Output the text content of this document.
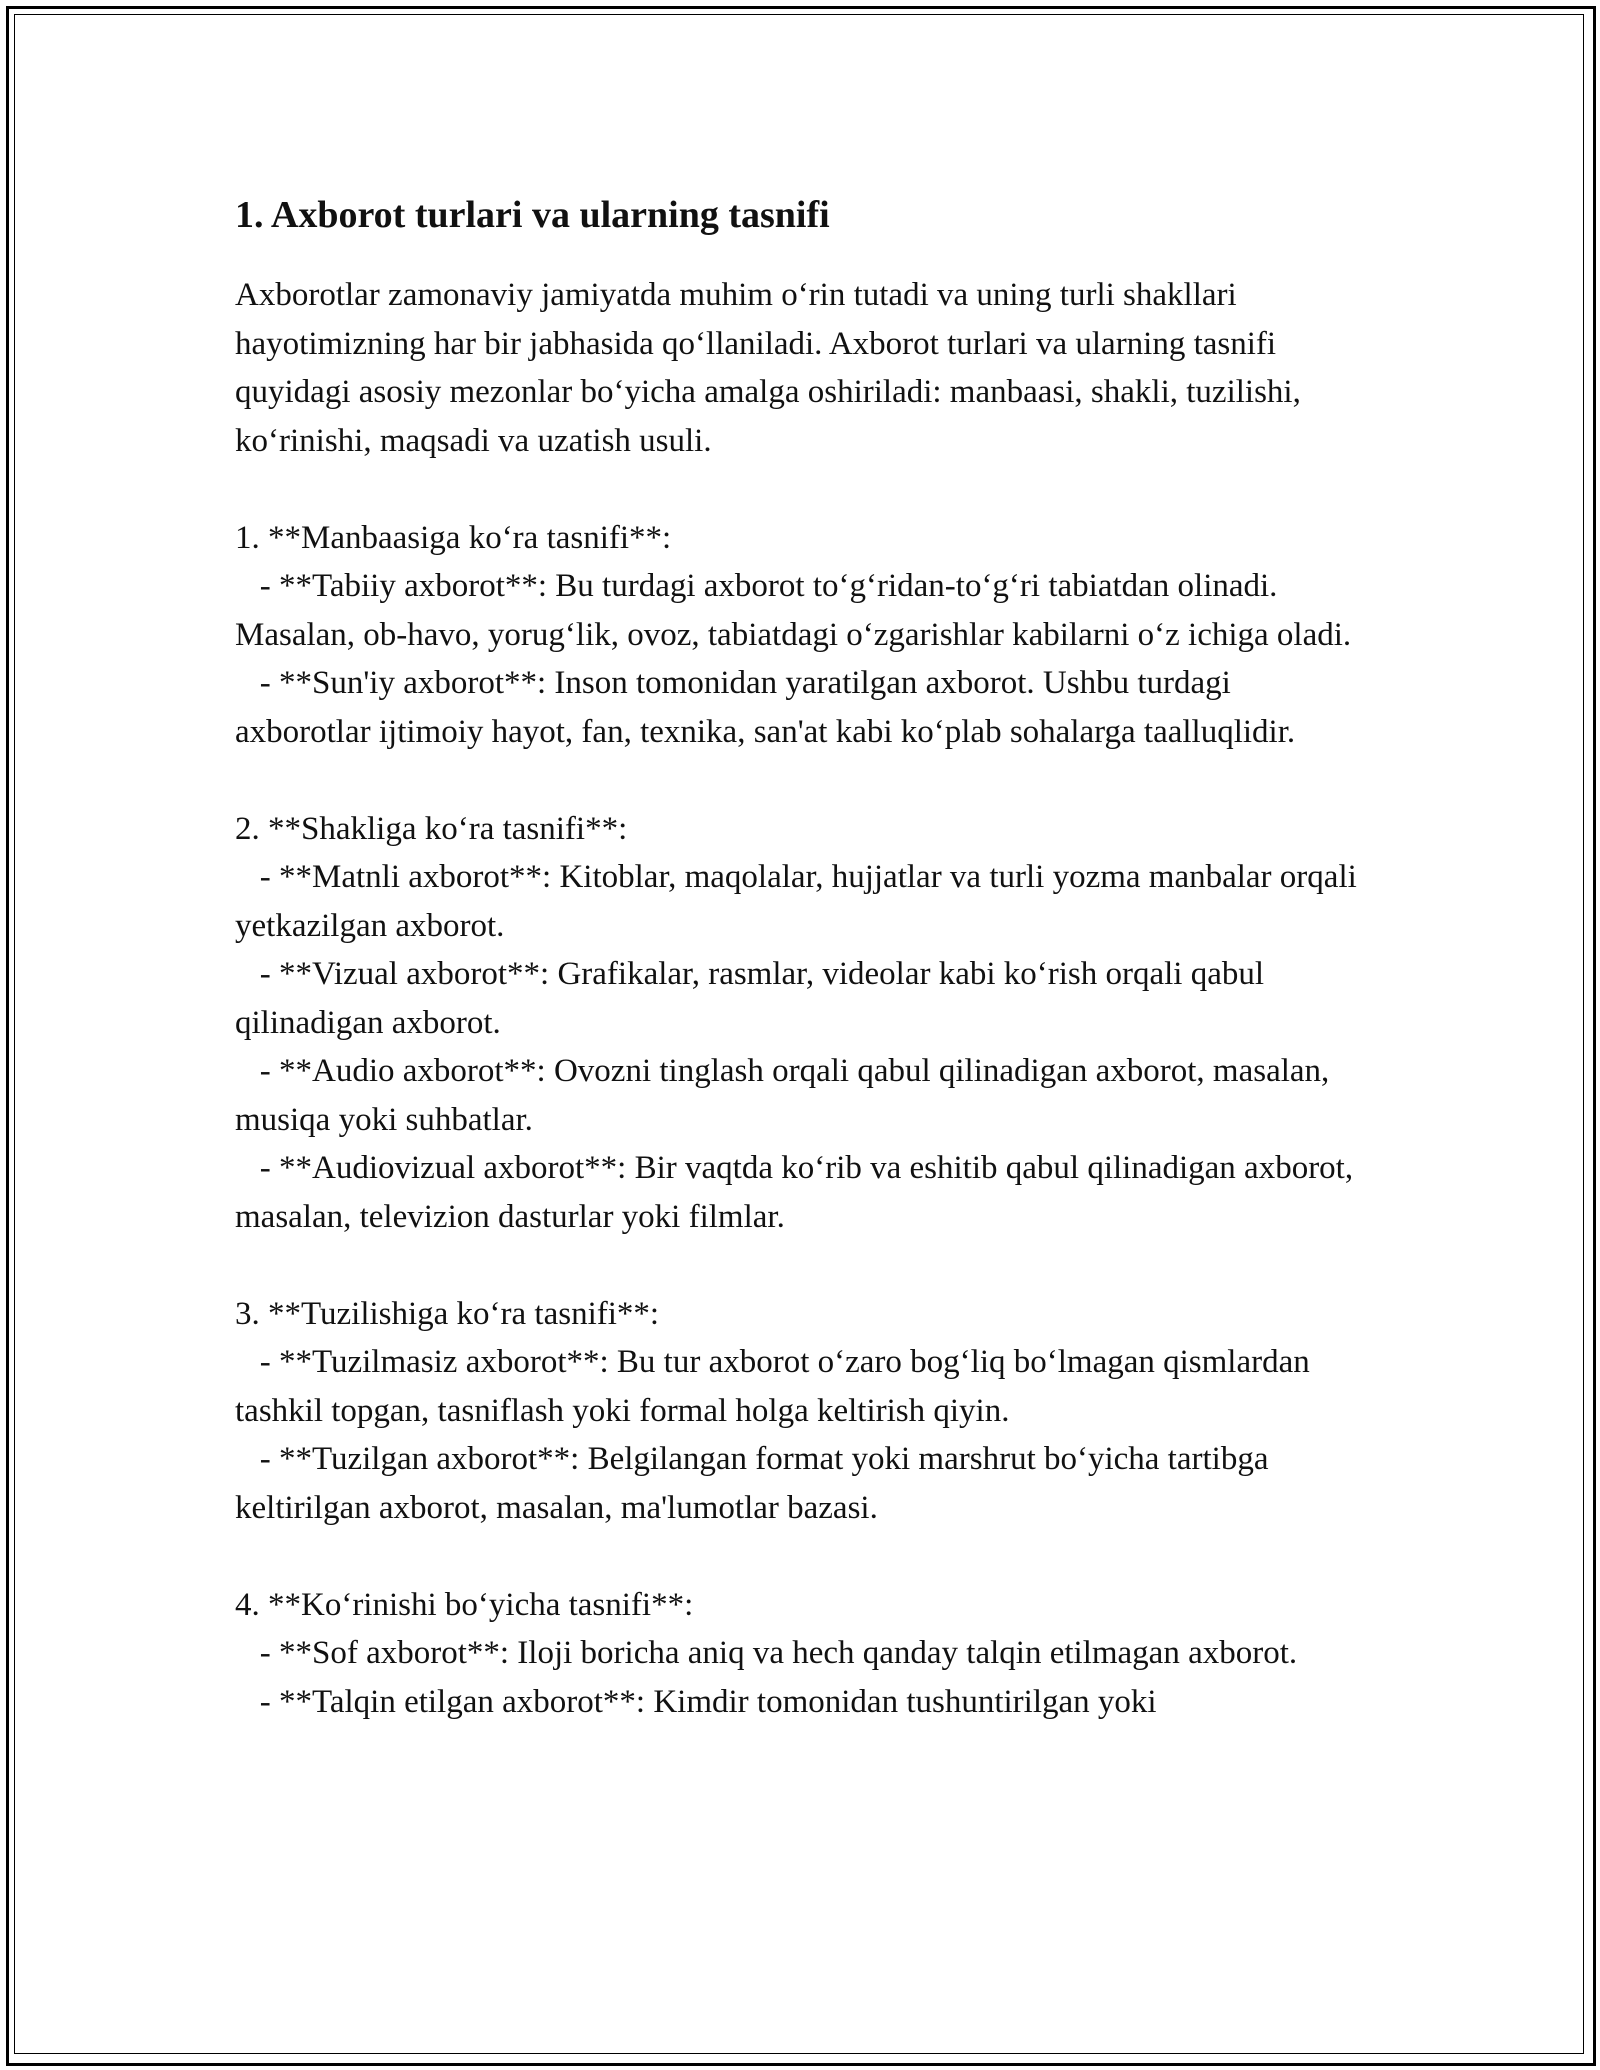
1. Axborot turlari va ularning tasnifi

Axborotlar zamonaviy jamiyatda muhim o‘rin tutadi va uning turli shakllari hayotimizning har bir jabhasida qo‘llaniladi. Axborot turlari va ularning tasnifi quyidagi asosiy mezonlar bo‘yicha amalga oshiriladi: manbaasi, shakli, tuzilishi, ko‘rinishi, maqsadi va uzatish usuli.

1. **Manbaasiga ko‘ra tasnifi**:

- **Tabiiy axborot**: Bu turdagi axborot to‘g‘ridan-to‘g‘ri tabiatdan olinadi. Masalan, ob-havo, yorug‘lik, ovoz, tabiatdagi o‘zgarishlar kabilarni o‘z ichiga oladi.

- **Sun'iy axborot**: Inson tomonidan yaratilgan axborot. Ushbu turdagi axborotlar ijtimoiy hayot, fan, texnika, san'at kabi ko‘plab sohalarga taalluqlidir.

2. **Shakliga ko‘ra tasnifi**:

- **Matnli axborot**: Kitoblar, maqolalar, hujjatlar va turli yozma manbalar orqali yetkazilgan axborot.

- **Vizual axborot**: Grafikalar, rasmlar, videolar kabi ko‘rish orqali qabul qilinadigan axborot.

- **Audio axborot**: Ovozni tinglash orqali qabul qilinadigan axborot, masalan, musiqa yoki suhbatlar.

- **Audiovizual axborot**: Bir vaqtda ko‘rib va eshitib qabul qilinadigan axborot, masalan, televizion dasturlar yoki filmlar.

3. **Tuzilishiga ko‘ra tasnifi**:

- **Tuzilmasiz axborot**: Bu tur axborot o‘zaro bog‘liq bo‘lmagan qismlardan tashkil topgan, tasniflash yoki formal holga keltirish qiyin.

- **Tuzilgan axborot**: Belgilangan format yoki marshrut bo‘yicha tartibga keltirilgan axborot, masalan, ma'lumotlar bazasi.

4. **Ko‘rinishi bo‘yicha tasnifi**:

- **Sof axborot**: Iloji boricha aniq va hech qanday talqin etilmagan axborot.

- **Talqin etilgan axborot**: Kimdir tomonidan tushuntirilgan yoki
